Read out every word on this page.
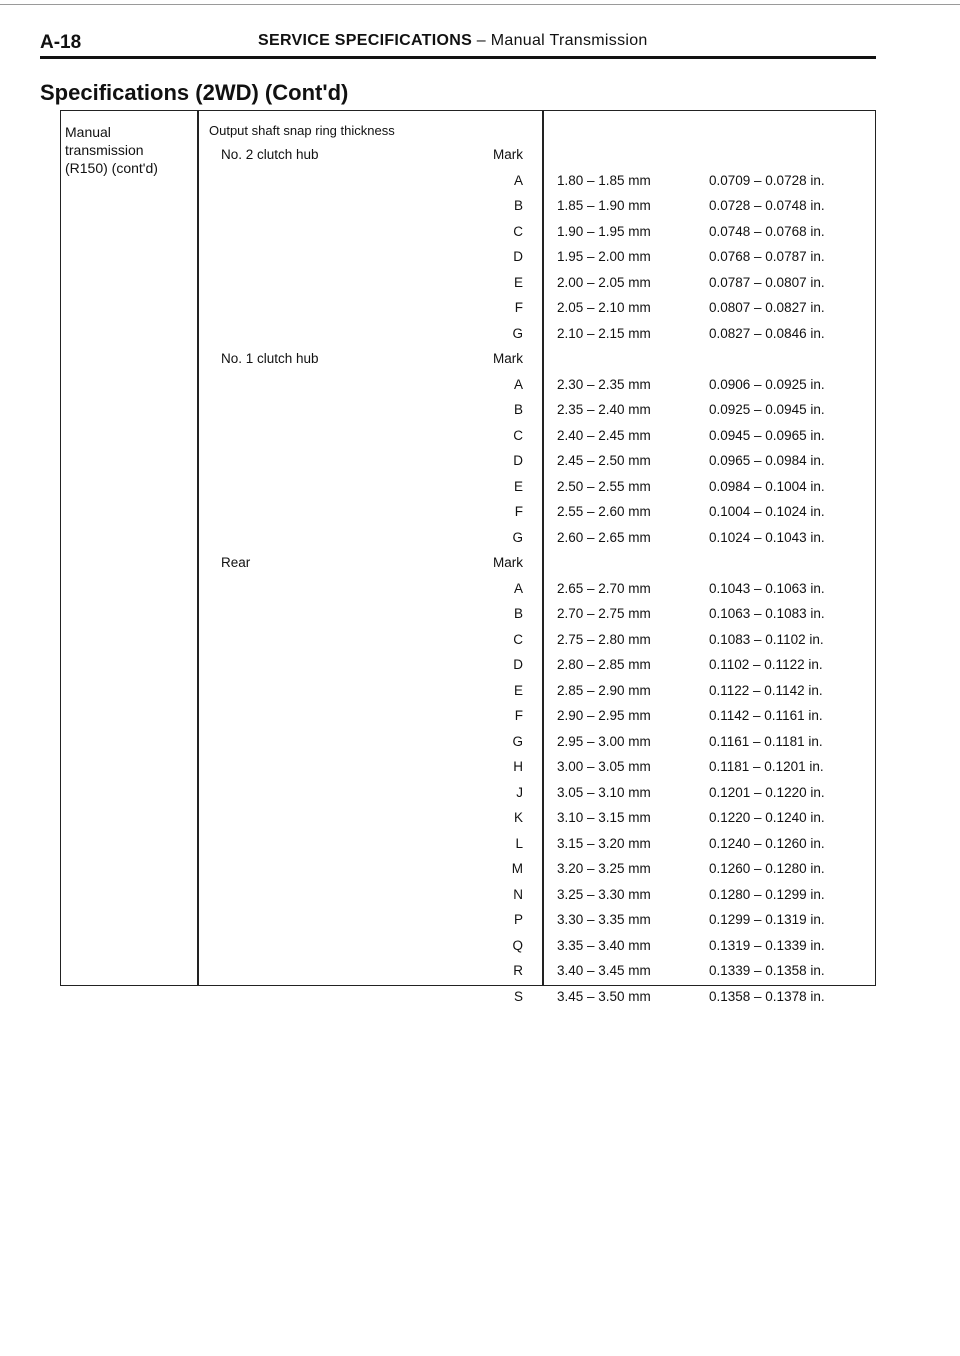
A-18	SERVICE SPECIFICATIONS – Manual Transmission
Specifications (2WD) (Cont'd)
Manual
transmission
(R150) (cont'd)
Output shaft snap ring thickness
No. 2 clutch hub	Mark
A	1.80 – 1.85 mm	0.0709 – 0.0728 in.
B	1.85 – 1.90 mm	0.0728 – 0.0748 in.
C	1.90 – 1.95 mm	0.0748 – 0.0768 in.
D	1.95 – 2.00 mm	0.0768 – 0.0787 in.
E	2.00 – 2.05 mm	0.0787 – 0.0807 in.
F	2.05 – 2.10 mm	0.0807 – 0.0827 in.
G	2.10 – 2.15 mm	0.0827 – 0.0846 in.
No. 1 clutch hub	Mark
A	2.30 – 2.35 mm	0.0906 – 0.0925 in.
B	2.35 – 2.40 mm	0.0925 – 0.0945 in.
C	2.40 – 2.45 mm	0.0945 – 0.0965 in.
D	2.45 – 2.50 mm	0.0965 – 0.0984 in.
E	2.50 – 2.55 mm	0.0984 – 0.1004 in.
F	2.55 – 2.60 mm	0.1004 – 0.1024 in.
G	2.60 – 2.65 mm	0.1024 – 0.1043 in.
Rear	Mark
A	2.65 – 2.70 mm	0.1043 – 0.1063 in.
B	2.70 – 2.75 mm	0.1063 – 0.1083 in.
C	2.75 – 2.80 mm	0.1083 – 0.1102 in.
D	2.80 – 2.85 mm	0.1102 – 0.1122 in.
E	2.85 – 2.90 mm	0.1122 – 0.1142 in.
F	2.90 – 2.95 mm	0.1142 – 0.1161 in.
G	2.95 – 3.00 mm	0.1161 – 0.1181 in.
H	3.00 – 3.05 mm	0.1181 – 0.1201 in.
J	3.05 – 3.10 mm	0.1201 – 0.1220 in.
K	3.10 – 3.15 mm	0.1220 – 0.1240 in.
L	3.15 – 3.20 mm	0.1240 – 0.1260 in.
M	3.20 – 3.25 mm	0.1260 – 0.1280 in.
N	3.25 – 3.30 mm	0.1280 – 0.1299 in.
P	3.30 – 3.35 mm	0.1299 – 0.1319 in.
Q	3.35 – 3.40 mm	0.1319 – 0.1339 in.
R	3.40 – 3.45 mm	0.1339 – 0.1358 in.
S	3.45 – 3.50 mm	0.1358 – 0.1378 in.
